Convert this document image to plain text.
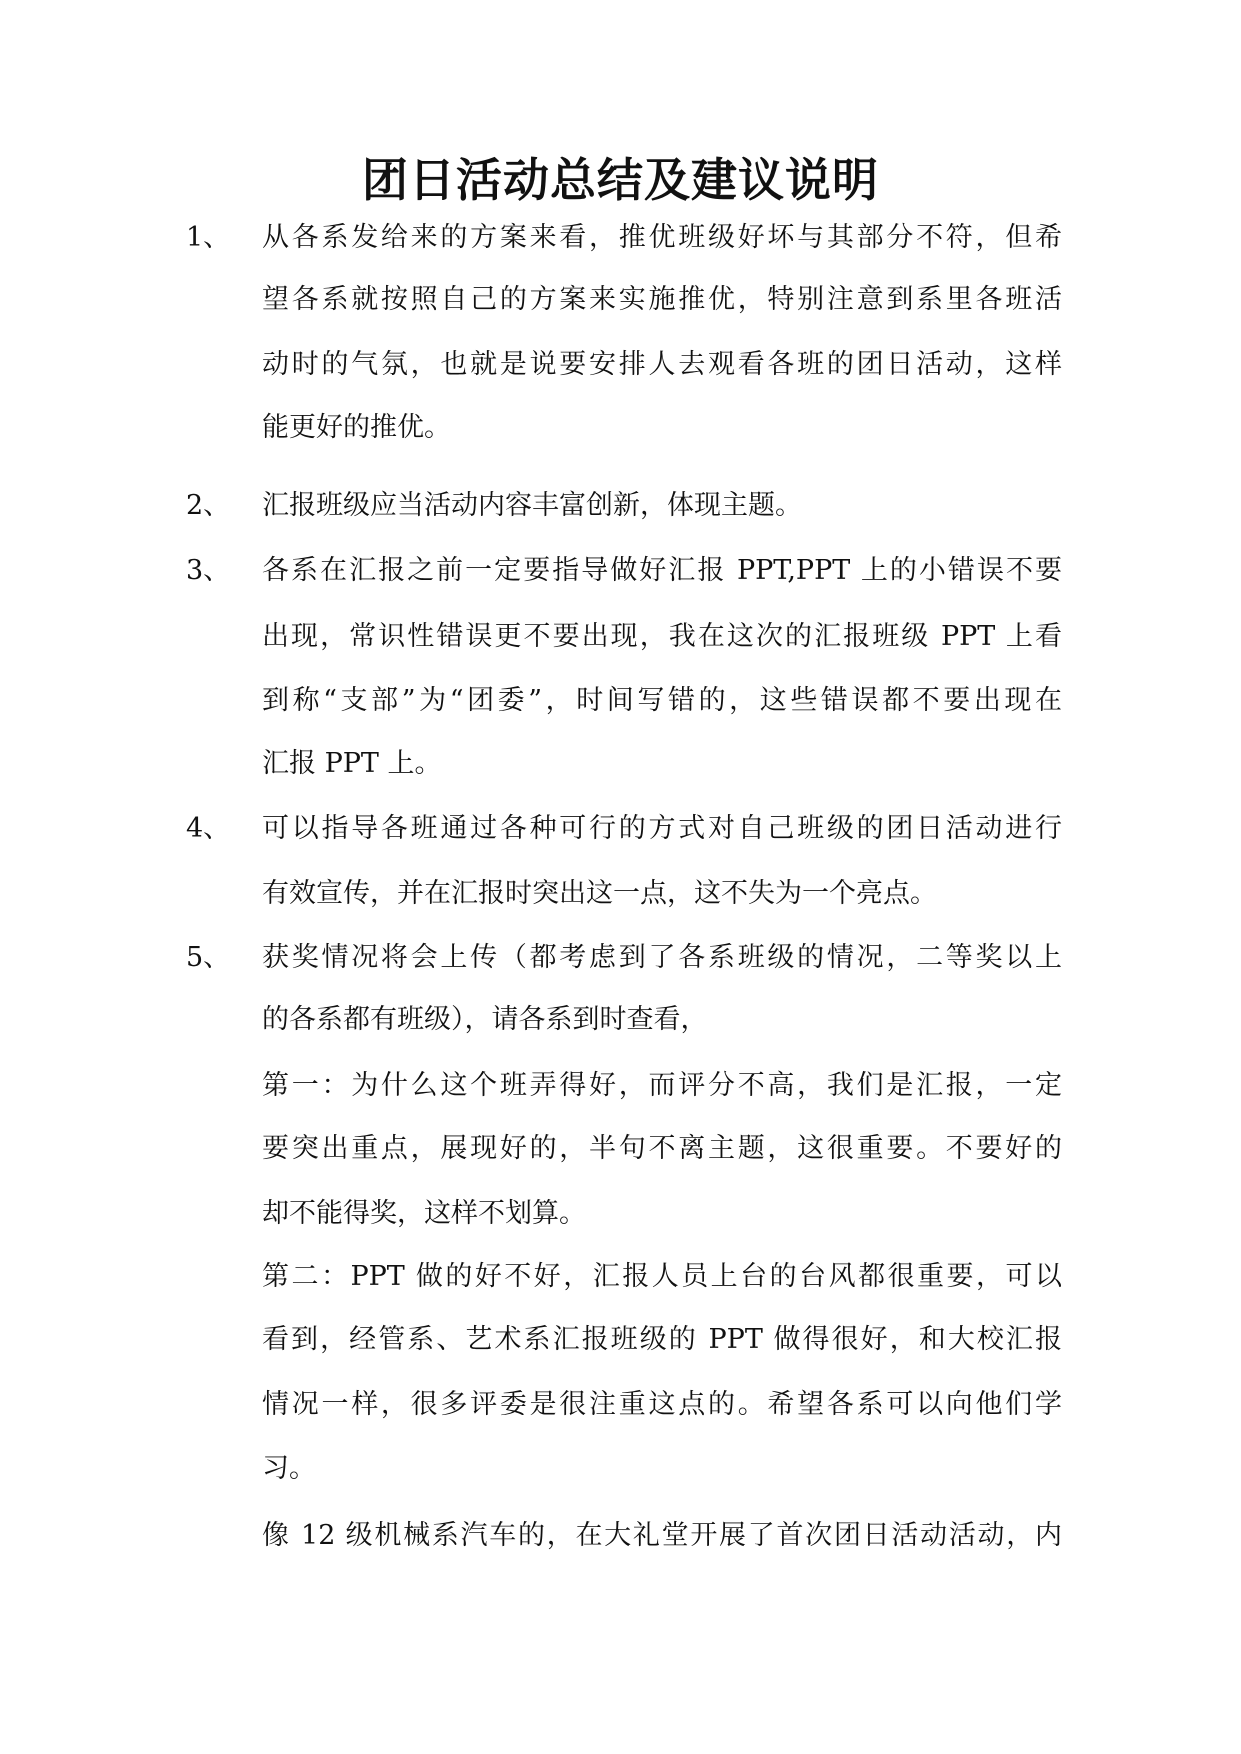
团日活动总结及建议说明
1、 从各系发给来的方案来看，推优班级好坏与其部分不符，但希
望各系就按照自己的方案来实施推优，特别注意到系里各班活
动时的气氛，也就是说要安排人去观看各班的团日活动，这样
能更好的推优。
2、 汇报班级应当活动内容丰富创新，体现主题。
3、 各系在汇报之前一定要指导做好汇报 PPT,PPT 上的小错误不要
出现，常识性错误更不要出现，我在这次的汇报班级 PPT 上看
到称“支部”为“团委”，时间写错的，这些错误都不要出现在
汇报 PPT 上。
4、 可以指导各班通过各种可行的方式对自己班级的团日活动进行
有效宣传，并在汇报时突出这一点，这不失为一个亮点。
5、 获奖情况将会上传（都考虑到了各系班级的情况，二等奖以上
的各系都有班级），请各系到时查看，
第一：为什么这个班弄得好，而评分不高，我们是汇报，一定
要突出重点，展现好的，半句不离主题，这很重要。不要好的
却不能得奖，这样不划算。
第二：PPT 做的好不好，汇报人员上台的台风都很重要，可以
看到，经管系、艺术系汇报班级的 PPT 做得很好，和大校汇报
情况一样，很多评委是很注重这点的。希望各系可以向他们学
习。
像 12 级机械系汽车的，在大礼堂开展了首次团日活动活动，内
